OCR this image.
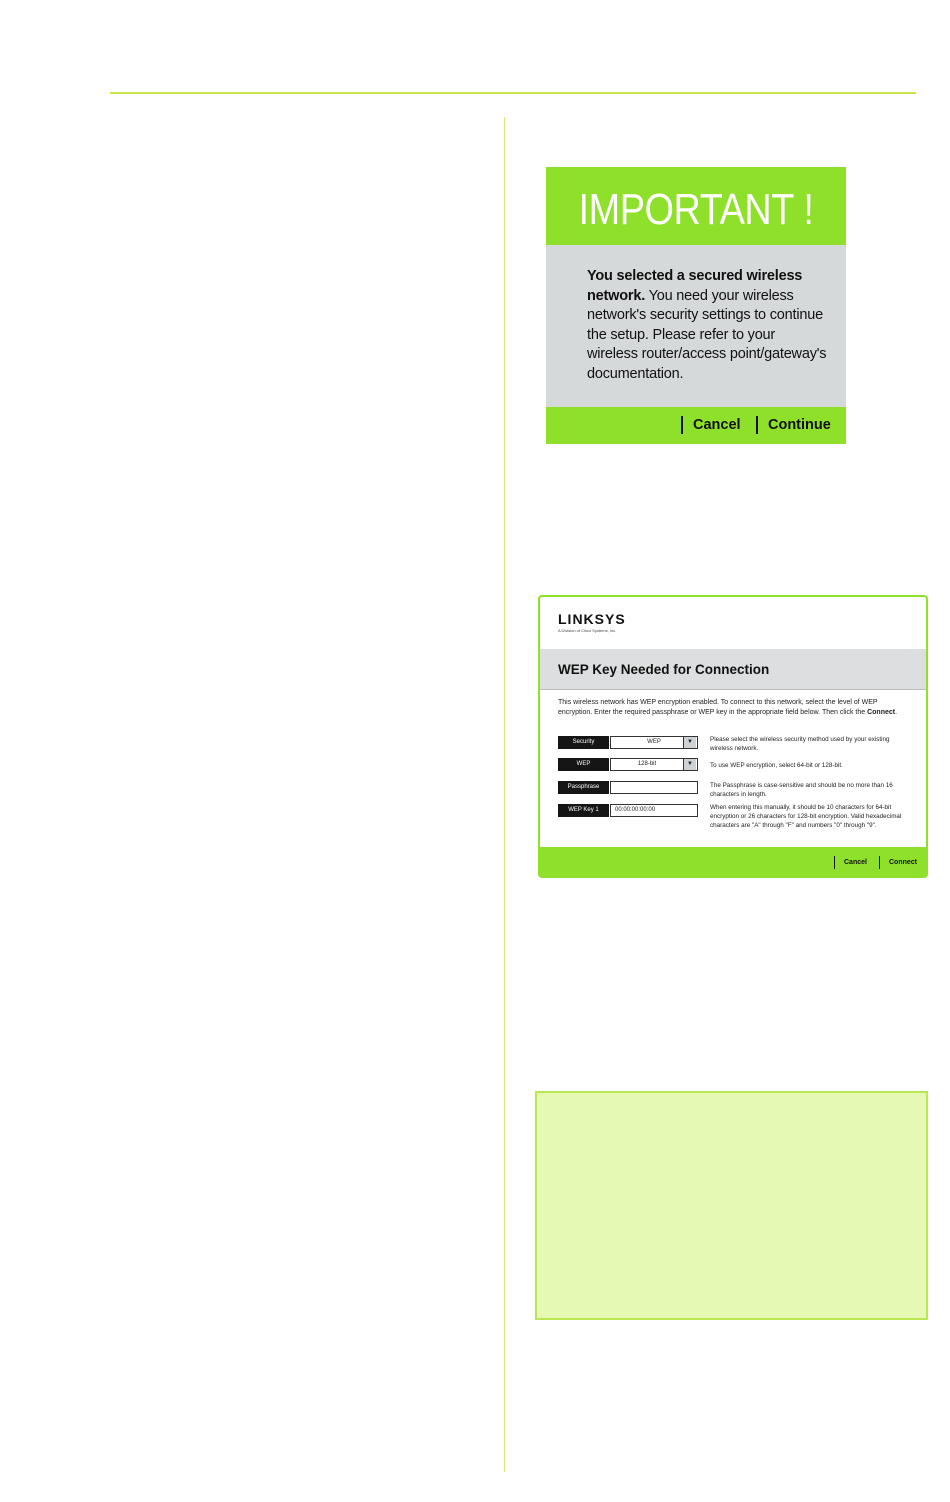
IMPORTANT !
You selected a secured wireless network. You need your wireless network's security settings to continue the setup. Please refer to your wireless router/access point/gateway's documentation.
Cancel	Continue
LINKSYS
A Division of Cisco Systems, Inc.
WEP Key Needed for Connection
This wireless network has WEP encryption enabled. To connect to this network, select the level of WEP encryption. Enter the required passphrase or WEP key in the appropriate field below. Then click the Connect.
Security	WEP	▼	Please select the wireless security method used by your existing wireless network.
WEP	128-bit	▼	To use WEP encryption, select 64-bit or 128-bit.
Passphrase	The Passphrase is case-sensitive and should be no more than 16 characters in length.
WEP Key 1	00:00:00:00:00	When entering this manually, it should be 10 characters for 64-bit encryption or 26 characters for 128-bit encryption. Valid hexadecimal characters are "A" through "F" and numbers "0" through "9".
Cancel	Connect
